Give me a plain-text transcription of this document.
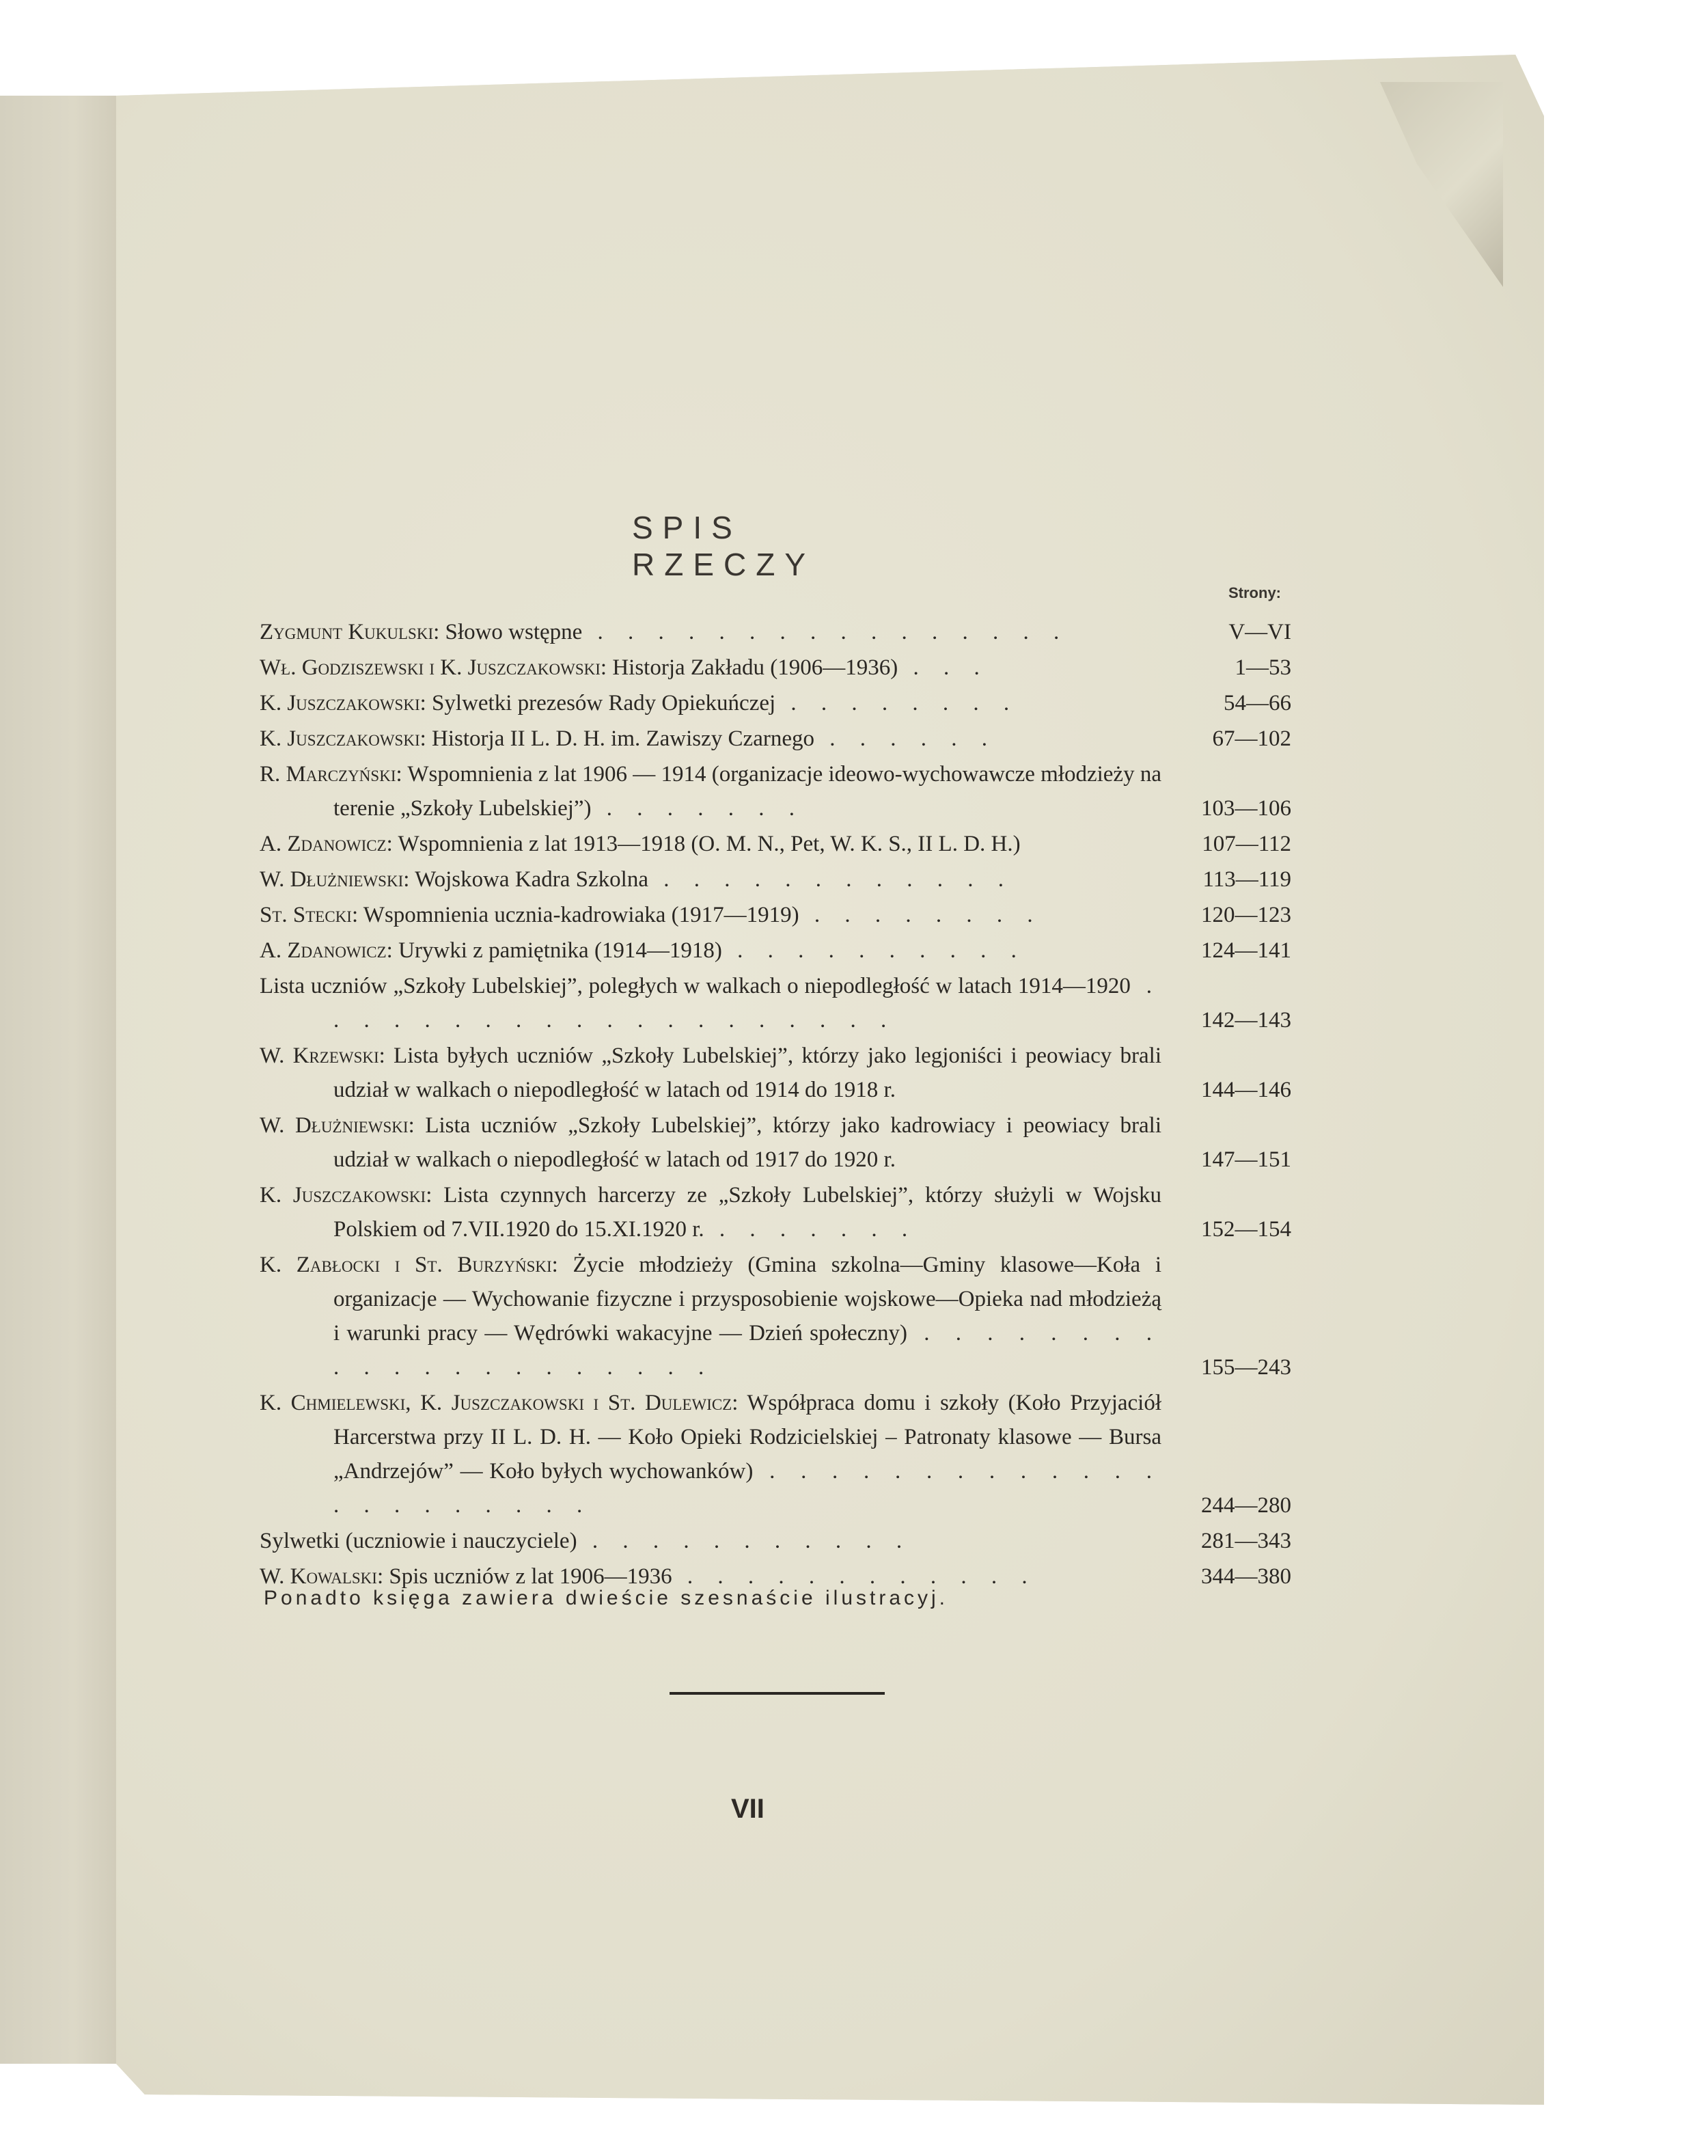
SPIS RZECZY
Strony:
Zygmunt Kukulski: Słowo wstępne . . . . . . . . . . . . . . . .	V—VI
Wł. Godziszewski i K. Juszczakowski: Historja Zakładu (1906—1936) . . .	1—53
K. Juszczakowski: Sylwetki prezesów Rady Opiekuńczej . . . . . . . .	54—66
K. Juszczakowski: Historja II L. D. H. im. Zawiszy Czarnego . . . . . .	67—102
R. Marczyński: Wspomnienia z lat 1906 — 1914 (organizacje ideowo-wychowawcze młodzieży na terenie „Szkoły Lubelskiej”) . . . . . . .	103—106
A. Zdanowicz: Wspomnienia z lat 1913—1918 (O. M. N., Pet, W. K. S., II L. D. H.)	107—112
W. Dłużniewski: Wojskowa Kadra Szkolna . . . . . . . . . . . .	113—119
St. Stecki: Wspomnienia ucznia-kadrowiaka (1917—1919) . . . . . . . .	120—123
A. Zdanowicz: Urywki z pamiętnika (1914—1918) . . . . . . . . . .	124—141
Lista uczniów „Szkoły Lubelskiej”, poległych w walkach o niepodległość w latach 1914—1920 . . . . . . . . . . . . . . . . . . . .	142—143
W. Krzewski: Lista byłych uczniów „Szkoły Lubelskiej”, którzy jako legjoniści i peowiacy brali udział w walkach o niepodległość w latach od 1914 do 1918 r.	144—146
W. Dłużniewski: Lista uczniów „Szkoły Lubelskiej”, którzy jako kadrowiacy i peowiacy brali udział w walkach o niepodległość w latach od 1917 do 1920 r.	147—151
K. Juszczakowski: Lista czynnych harcerzy ze „Szkoły Lubelskiej”, którzy służyli w Wojsku Polskiem od 7.VII.1920 do 15.XI.1920 r. . . . . . . .	152—154
K. Zabłocki i St. Burzyński: Życie młodzieży (Gmina szkolna—Gminy klasowe—Koła i organizacje — Wychowanie fizyczne i przysposobienie wojskowe—Opieka nad młodzieżą i warunki pracy — Wędrówki wakacyjne — Dzień społeczny) . . . . . . . . . . . . . . . . . . . . .	155—243
K. Chmielewski, K. Juszczakowski i St. Dulewicz: Współpraca domu i szkoły (Koło Przyjaciół Harcerstwa przy II L. D. H. — Koło Opieki Rodzicielskiej – Patronaty klasowe — Bursa „Andrzejów” — Koło byłych wychowanków) . . . . . . . . . . . . . . . . . . . . . .	244—280
Sylwetki (uczniowie i nauczyciele) . . . . . . . . . . .	281—343
W. Kowalski: Spis uczniów z lat 1906—1936 . . . . . . . . . . . .	344—380
Ponadto księga zawiera dwieście szesnaście ilustracyj.
VII
